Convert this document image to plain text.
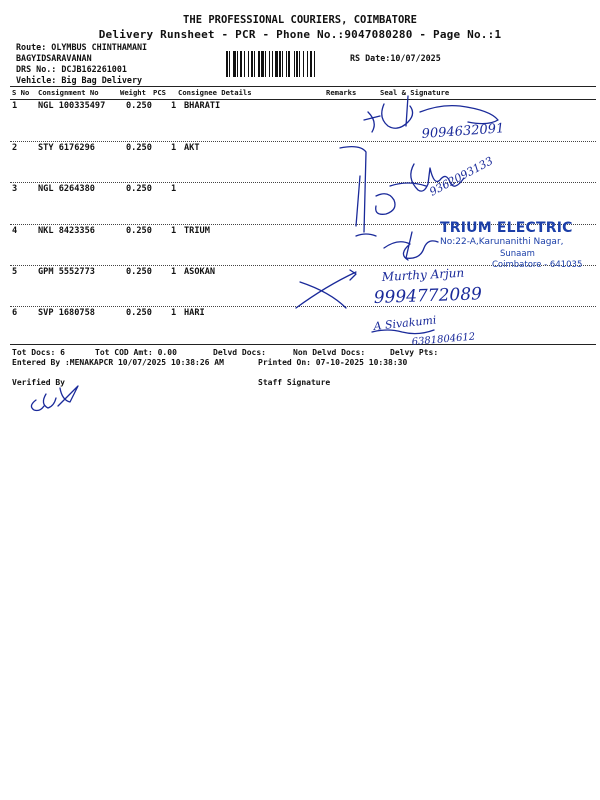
THE PROFESSIONAL COURIERS, COIMBATORE
Delivery Runsheet - PCR - Phone No.:9047080280 - Page No.:1
Route: OLYMBUS CHINTHAMANI
BAGYIDSARAVANAN
DRS No.: DCJB162261001
Vehicle: Big Bag Delivery
RS Date:10/07/2025
S No Consignment No	Weight PCS Consignee Details	Remarks	Seal & Signature
1 NGL 100335497 0.250 1 BHARATI
2 STY 6176296	0.250 1 AKT
3 NGL 6264380	0.250 1
4 NKL 8423356	0.250 1 TRIUM
5 GPM 5552773	0.250 1 ASOKAN
6 SVP 1680758	0.250 1 HARI
Tot Docs: 6	Tot COD Amt: 0.00	Delvd Docs:	Non Delvd Docs:	Delvy Pts:
Entered By :MENAKAPCR 10/07/2025 10:38:26 AM	Printed On: 07-10-2025 10:38:30
Verified By	Staff Signature
TRIUM ELECTRIC
No:22-A,Karunanithi Nagar,
Sunaam
Coimbatore - 641035
9094632091
9362093133
Murthy Arjun
9994772089
A Sivakumi
6381804612
